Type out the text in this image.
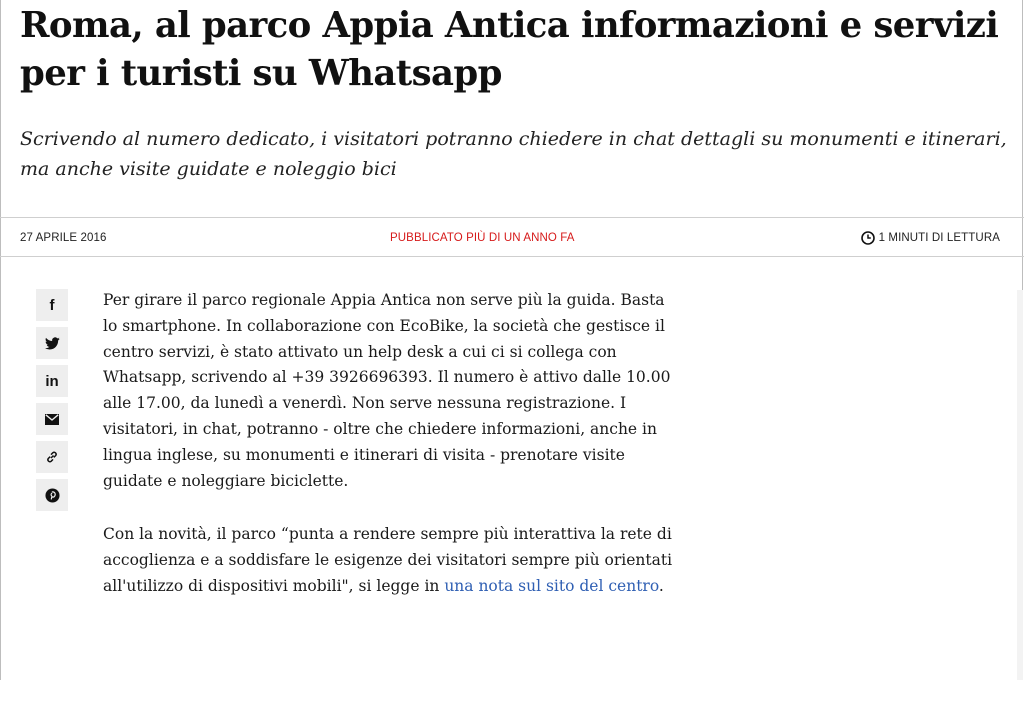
Roma, al parco Appia Antica informazioni e servizi per i turisti su Whatsapp

Scrivendo al numero dedicato, i visitatori potranno chiedere in chat dettagli su monumenti e itinerari, ma anche visite guidate e noleggio bici

27 APRILE 2016	PUBBLICATO PIÙ DI UN ANNO FA	1 MINUTI DI LETTURA
f
in

Per girare il parco regionale Appia Antica non serve più la guida. Basta lo smartphone. In collaborazione con EcoBike, la società che gestisce il centro servizi, è stato attivato un help desk a cui ci si collega con Whatsapp, scrivendo al +39 3926696393. Il numero è attivo dalle 10.00 alle 17.00, da lunedì a venerdì. Non serve nessuna registrazione. I visitatori, in chat, potranno - oltre che chiedere informazioni, anche in lingua inglese, su monumenti e itinerari di visita - prenotare visite guidate e noleggiare biciclette.

Con la novità, il parco “punta a rendere sempre più interattiva la rete di accoglienza e a soddisfare le esigenze dei visitatori sempre più orientati all'utilizzo di dispositivi mobili", si legge in una nota sul sito del centro.
